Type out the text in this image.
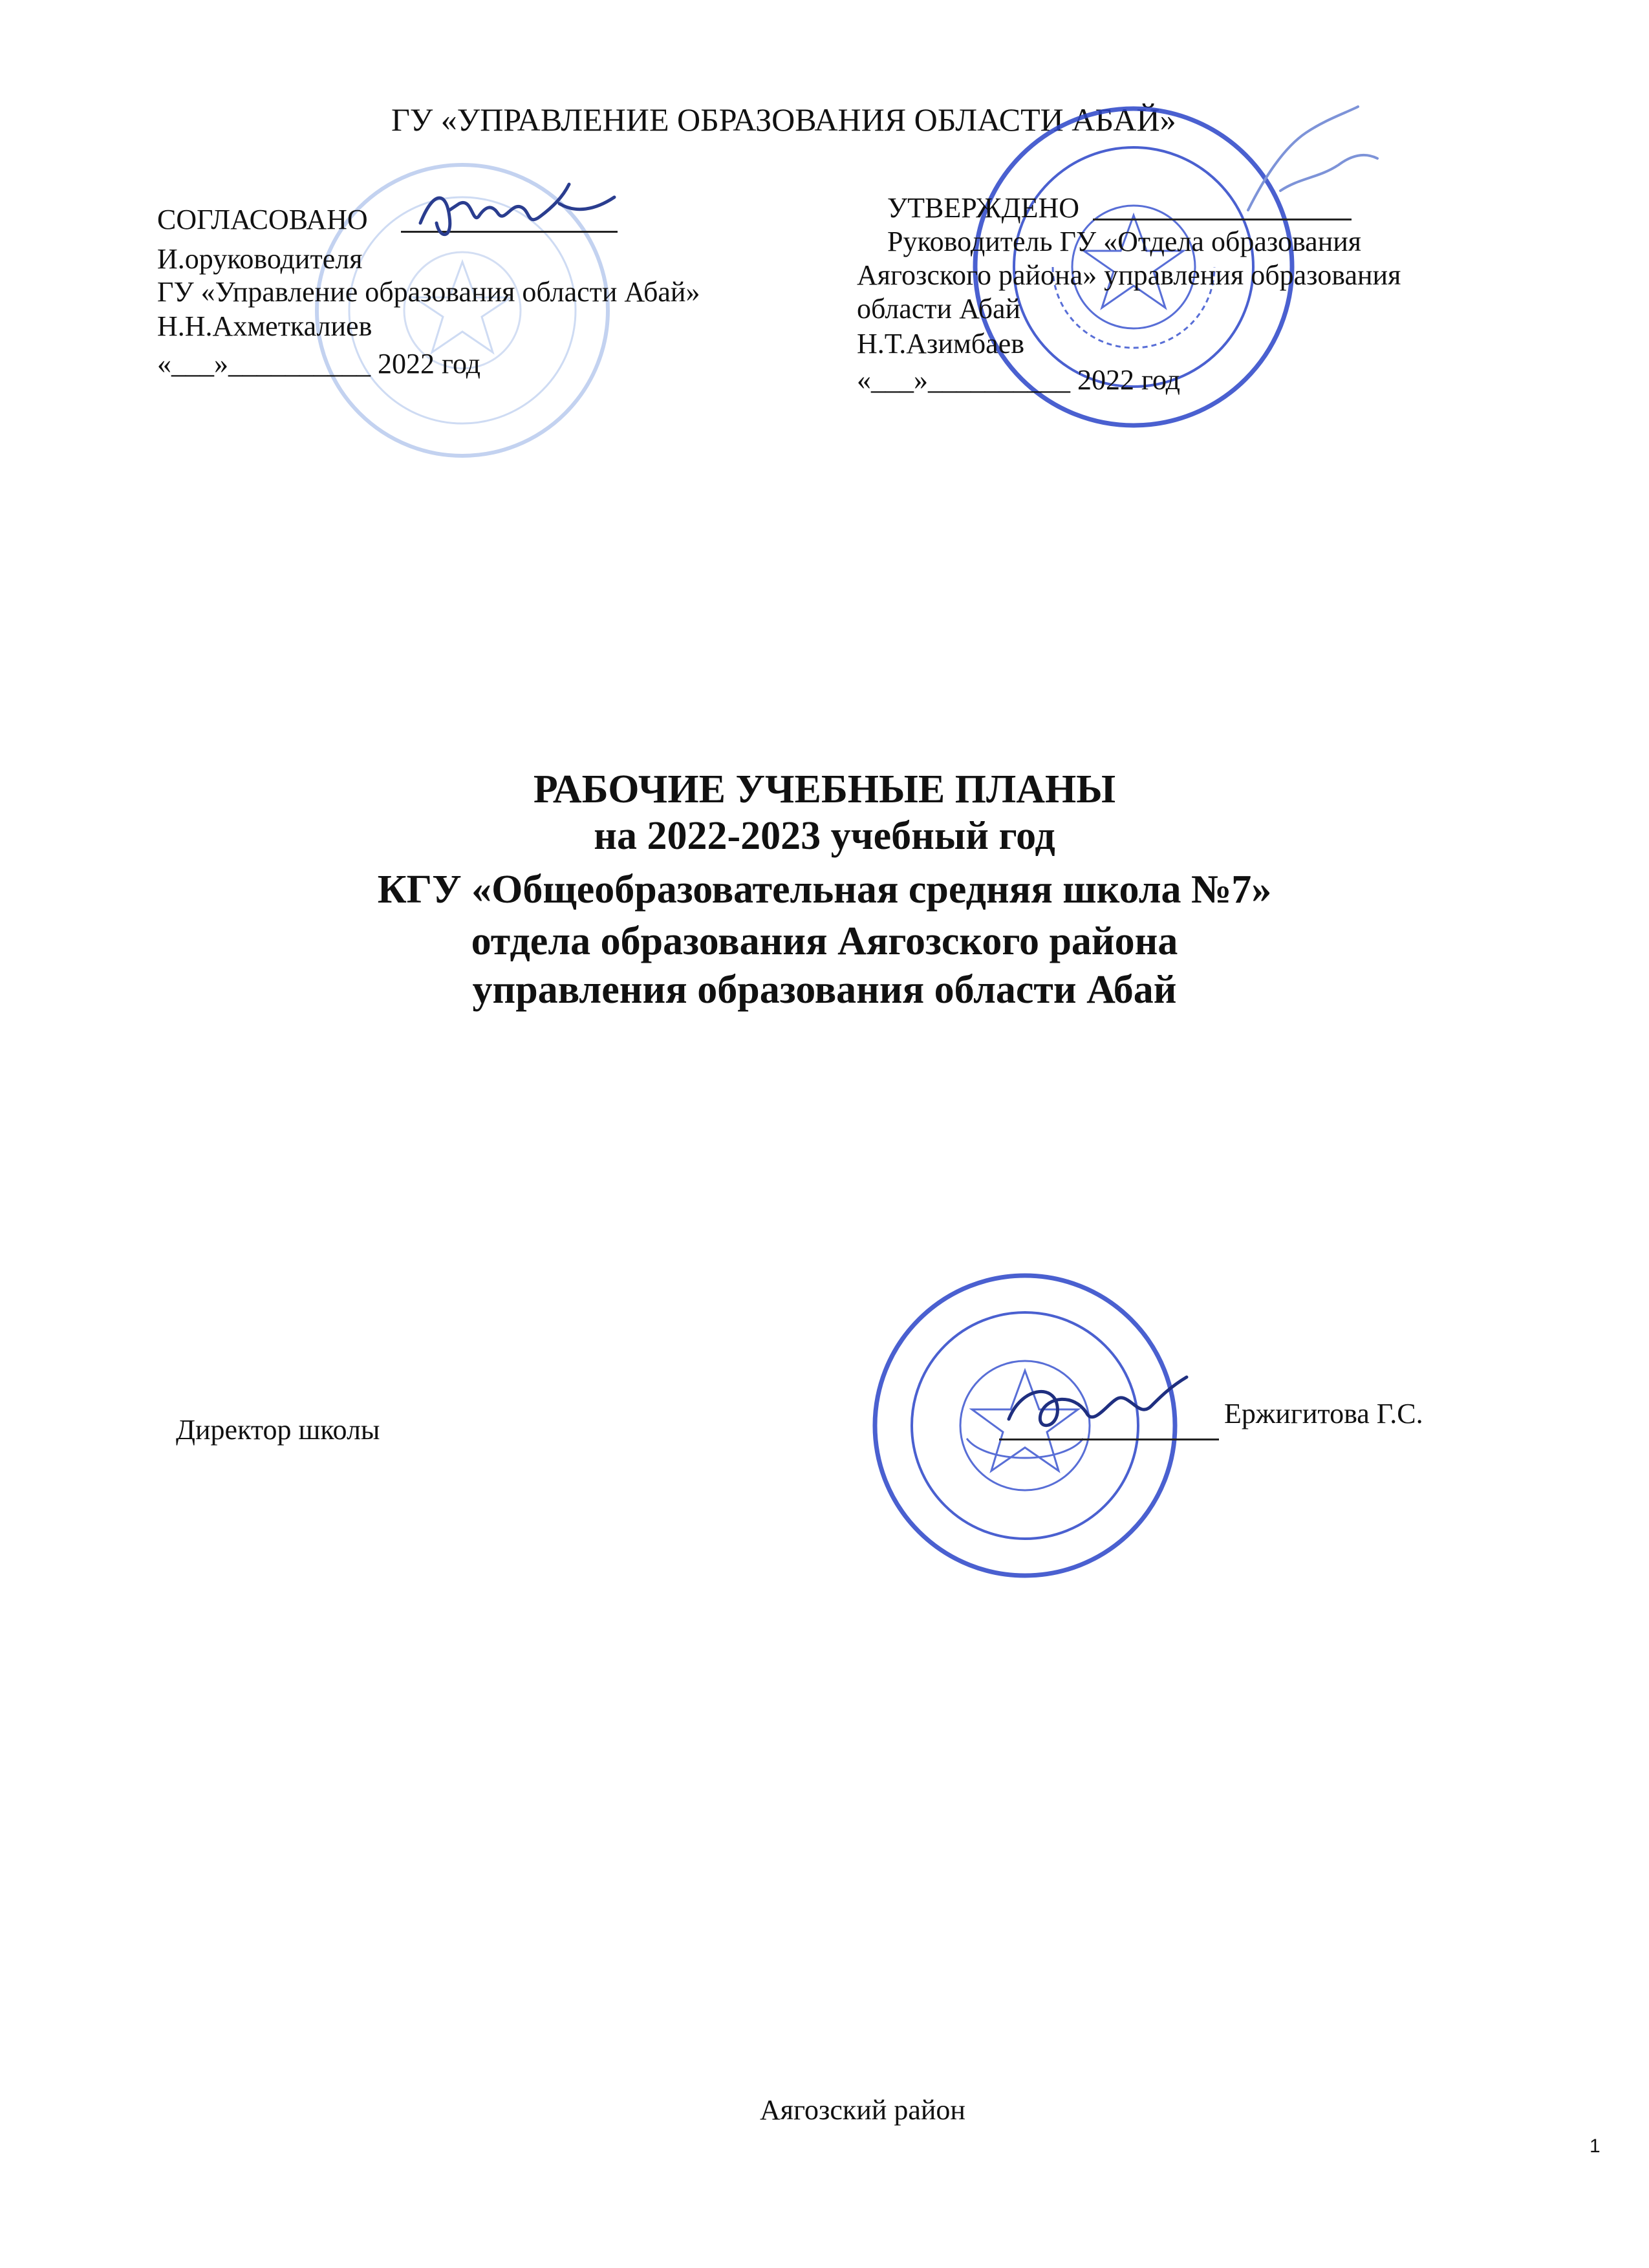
ГУ «УПРАВЛЕНИЕ ОБРАЗОВАНИЯ ОБЛАСТИ АБАЙ»
СОГЛАСОВАНО
И.оруководителя
ГУ «Управление образования области Абай»
Н.Н.Ахметкалиев
«___»__________ 2022 год
УТВЕРЖДЕНО
Руководитель ГУ «Отдела образования
Аягозского района» управления образования
области Абай
Н.Т.Азимбаев
«___»__________ 2022 год
РАБОЧИЕ УЧЕБНЫЕ ПЛАНЫ
на 2022-2023 учебный год
КГУ «Общеобразовательная средняя школа №7»
отдела образования Аягозского района
управления образования области Абай
Директор школы
Ержигитова Г.С.
Аягозский район
1
